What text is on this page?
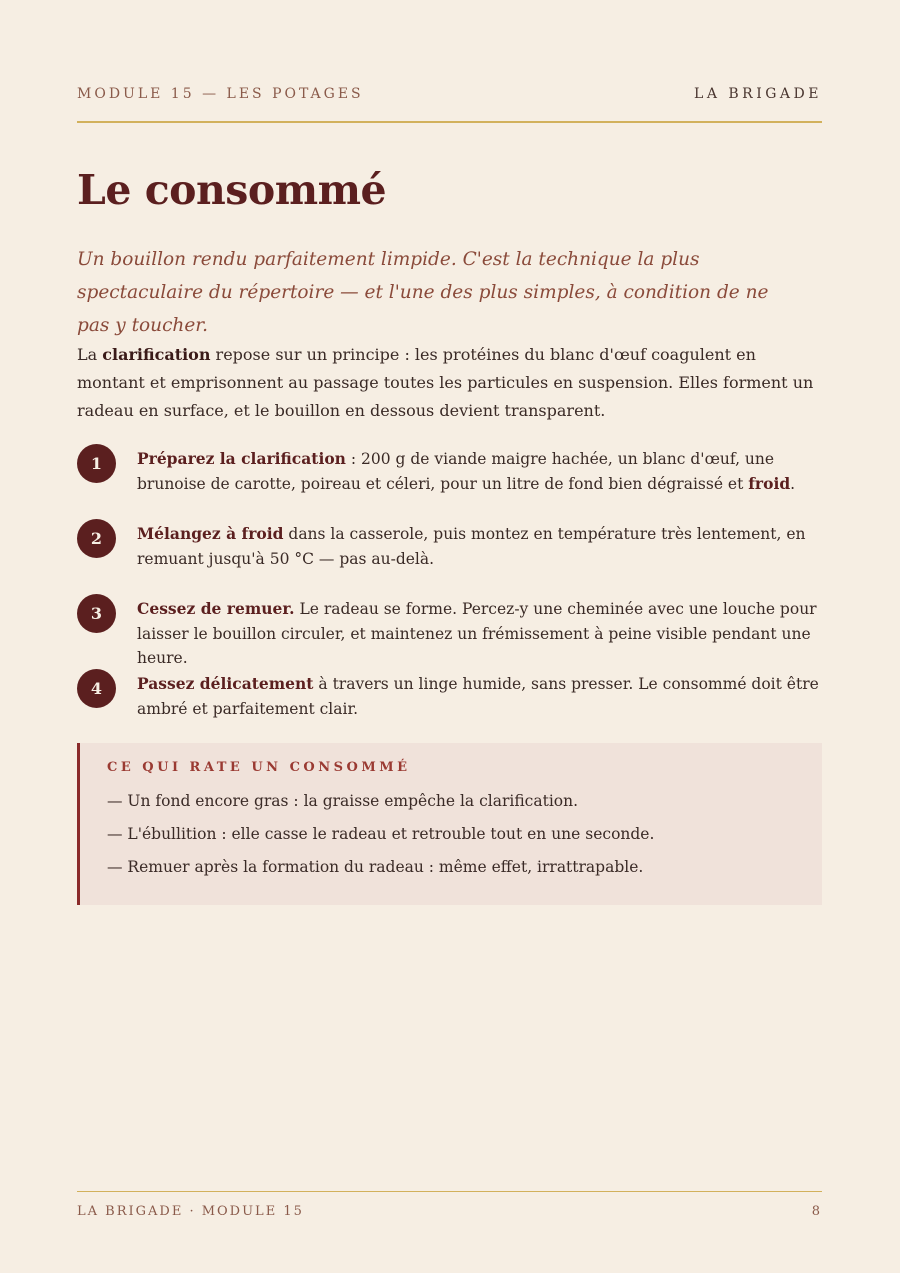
MODULE 15 — LES POTAGES	LA BRIGADE
Le consommé

Un bouillon rendu parfaitement limpide. C'est la technique la plus spectaculaire du répertoire — et l'une des plus simples, à condition de ne pas y toucher.

La clarification repose sur un principe : les protéines du blanc d'œuf coagulent en montant et emprisonnent au passage toutes les particules en suspension. Elles forment un radeau en surface, et le bouillon en dessous devient transparent.

1	Préparez la clarification : 200 g de viande maigre hachée, un blanc d'œuf, une brunoise de carotte, poireau et céleri, pour un litre de fond bien dégraissé et froid.
2	Mélangez à froid dans la casserole, puis montez en température très lentement, en remuant jusqu'à 50 °C — pas au-delà.
3	Cessez de remuer. Le radeau se forme. Percez-y une cheminée avec une louche pour laisser le bouillon circuler, et maintenez un frémissement à peine visible pendant une heure.
4	Passez délicatement à travers un linge humide, sans presser. Le consommé doit être ambré et parfaitement clair.
CE QUI RATE UN CONSOMMÉ
— Un fond encore gras : la graisse empêche la clarification.
— L'ébullition : elle casse le radeau et retrouble tout en une seconde.
— Remuer après la formation du radeau : même effet, irrattrapable.
LA BRIGADE · MODULE 15	8
